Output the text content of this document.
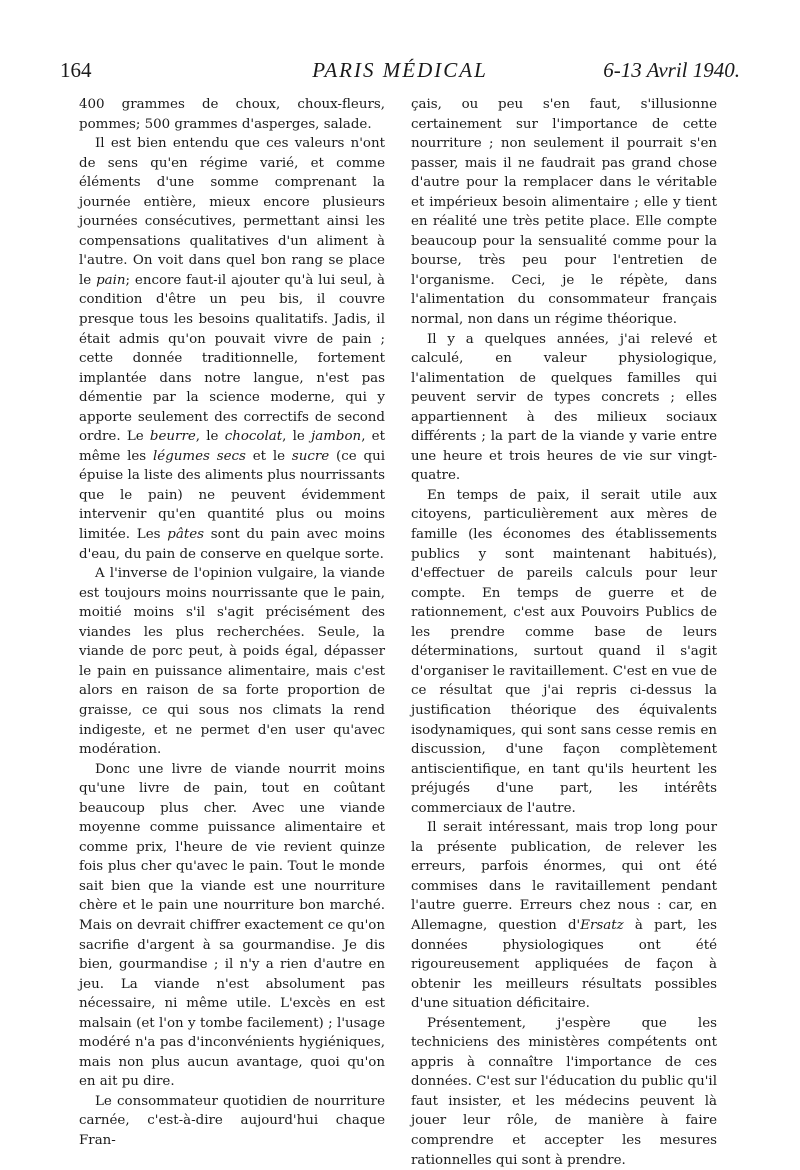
164	PARIS MÉDICAL	6-13 Avril 1940.

400 grammes de choux, choux-fleurs, pommes; 500 grammes d'asperges, salade.

Il est bien entendu que ces valeurs n'ont de sens qu'en régime varié, et comme éléments d'une somme comprenant la journée entière, mieux encore plusieurs journées consécutives, permettant ainsi les compensations qualitatives d'un aliment à l'autre. On voit dans quel bon rang se place le pain; encore faut-il ajouter qu'à lui seul, à condition d'être un peu bis, il couvre presque tous les besoins qualitatifs. Jadis, il était admis qu'on pouvait vivre de pain ; cette donnée traditionnelle, fortement implantée dans notre langue, n'est pas démentie par la science moderne, qui y apporte seulement des correctifs de second ordre. Le beurre, le chocolat, le jambon, et même les légumes secs et le sucre (ce qui épuise la liste des aliments plus nourrissants que le pain) ne peuvent évidemment intervenir qu'en quantité plus ou moins limitée. Les pâtes sont du pain avec moins d'eau, du pain de conserve en quelque sorte.

A l'inverse de l'opinion vulgaire, la viande est toujours moins nourrissante que le pain, moitié moins s'il s'agit précisément des viandes les plus recherchées. Seule, la viande de porc peut, à poids égal, dépasser le pain en puissance alimentaire, mais c'est alors en raison de sa forte proportion de graisse, ce qui sous nos climats la rend indigeste, et ne permet d'en user qu'avec modération.

Donc une livre de viande nourrit moins qu'une livre de pain, tout en coûtant beaucoup plus cher. Avec une viande moyenne comme puissance alimentaire et comme prix, l'heure de vie revient quinze fois plus cher qu'avec le pain. Tout le monde sait bien que la viande est une nourriture chère et le pain une nourriture bon marché. Mais on devrait chiffrer exactement ce qu'on sacrifie d'argent à sa gourmandise. Je dis bien, gourmandise ; il n'y a rien d'autre en jeu. La viande n'est absolument pas nécessaire, ni même utile. L'excès en est malsain (et l'on y tombe facilement) ; l'usage modéré n'a pas d'inconvénients hygiéniques, mais non plus aucun avantage, quoi qu'on en ait pu dire.

Le consommateur quotidien de nourriture carnée, c'est-à-dire aujourd'hui chaque Fran-

çais, ou peu s'en faut, s'illusionne certainement sur l'importance de cette nourriture ; non seulement il pourrait s'en passer, mais il ne faudrait pas grand chose d'autre pour la remplacer dans le véritable et impérieux besoin alimentaire ; elle y tient en réalité une très petite place. Elle compte beaucoup pour la sensualité comme pour la bourse, très peu pour l'entretien de l'organisme. Ceci, je le répète, dans l'alimentation du consommateur français normal, non dans un régime théorique.

Il y a quelques années, j'ai relevé et calculé, en valeur physiologique, l'alimentation de quelques familles qui peuvent servir de types concrets ; elles appartiennent à des milieux sociaux différents ; la part de la viande y varie entre une heure et trois heures de vie sur vingt-quatre.

En temps de paix, il serait utile aux citoyens, particulièrement aux mères de famille (les économes des établissements publics y sont maintenant habitués), d'effectuer de pareils calculs pour leur compte. En temps de guerre et de rationnement, c'est aux Pouvoirs Publics de les prendre comme base de leurs déterminations, surtout quand il s'agit d'organiser le ravitaillement. C'est en vue de ce résultat que j'ai repris ci-dessus la justification théorique des équivalents isodynamiques, qui sont sans cesse remis en discussion, d'une façon complètement antiscientifique, en tant qu'ils heurtent les préjugés d'une part, les intérêts commerciaux de l'autre.

Il serait intéressant, mais trop long pour la présente publication, de relever les erreurs, parfois énormes, qui ont été commises dans le ravitaillement pendant l'autre guerre. Erreurs chez nous : car, en Allemagne, question d'Ersatz à part, les données physiologiques ont été rigoureusement appliquées de façon à obtenir les meilleurs résultats possibles d'une situation déficitaire.

Présentement, j'espère que les techniciens des ministères compétents ont appris à connaître l'importance de ces données. C'est sur l'éducation du public qu'il faut insister, et les médecins peuvent là jouer leur rôle, de manière à faire comprendre et accepter les mesures rationnelles qui sont à prendre.
